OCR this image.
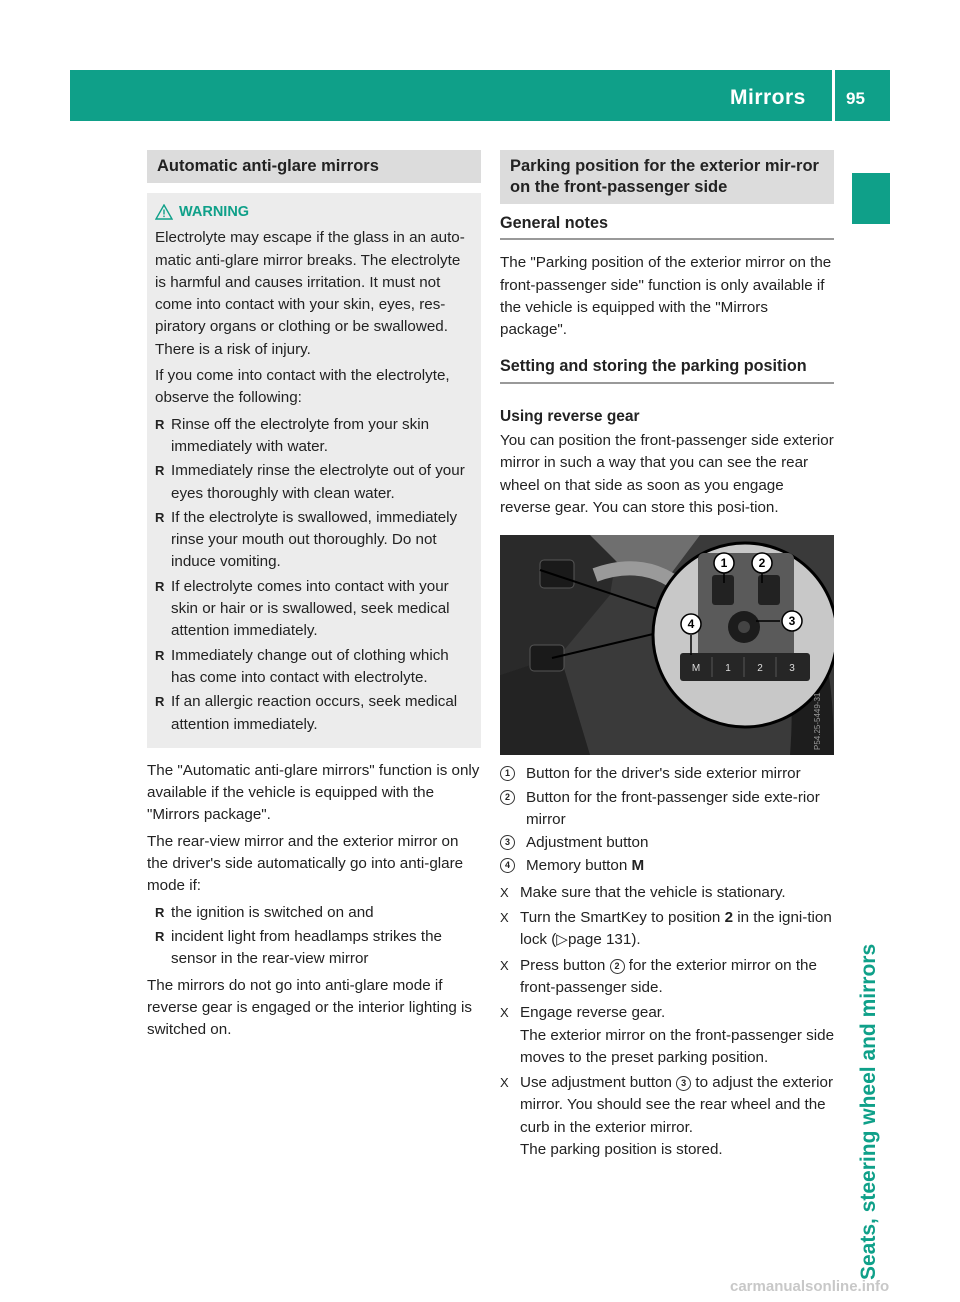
Mirrors 95
Seats, steering wheel and mirrors
Automatic anti-glare mirrors
WARNING

Electrolyte may escape if the glass in an auto-matic anti-glare mirror breaks. The electrolyte is harmful and causes irritation. It must not come into contact with your skin, eyes, res-piratory organs or clothing or be swallowed. There is a risk of injury.

If you come into contact with the electrolyte, observe the following:

R Rinse off the electrolyte from your skin immediately with water.
R Immediately rinse the electrolyte out of your eyes thoroughly with clean water.
R If the electrolyte is swallowed, immediately rinse your mouth out thoroughly. Do not induce vomiting.
R If electrolyte comes into contact with your skin or hair or is swallowed, seek medical attention immediately.
R Immediately change out of clothing which has come into contact with electrolyte.
R If an allergic reaction occurs, seek medical attention immediately.

The "Automatic anti-glare mirrors" function is only available if the vehicle is equipped with the "Mirrors package".

The rear-view mirror and the exterior mirror on the driver's side automatically go into anti-glare mode if:

R the ignition is switched on and
R incident light from headlamps strikes the sensor in the rear-view mirror

The mirrors do not go into anti-glare mode if reverse gear is engaged or the interior lighting is switched on.

Parking position for the exterior mir-ror on the front-passenger side
General notes

The "Parking position of the exterior mirror on the front-passenger side" function is only available if the vehicle is equipped with the "Mirrors package".

Setting and storing the parking position
Using reverse gear

You can position the front-passenger side exterior mirror in such a way that you can see the rear wheel on that side as soon as you engage reverse gear. You can store this posi-tion.

1	2
3
4
M	1	2	3
P54.25-5449-31
1	Button for the driver's side exterior mirror
2	Button for the front-passenger side exte-rior mirror
3	Adjustment button
4	Memory button M
X Make sure that the vehicle is stationary.
X Turn the SmartKey to position 2 in the igni-tion lock (▷page 131).
X Press button 2 for the exterior mirror on the front-passenger side.
X Engage reverse gear.
The exterior mirror on the front-passenger side moves to the preset parking position.
X Use adjustment button 3 to adjust the exterior mirror. You should see the rear wheel and the curb in the exterior mirror.
The parking position is stored.
carmanualsonline.info
